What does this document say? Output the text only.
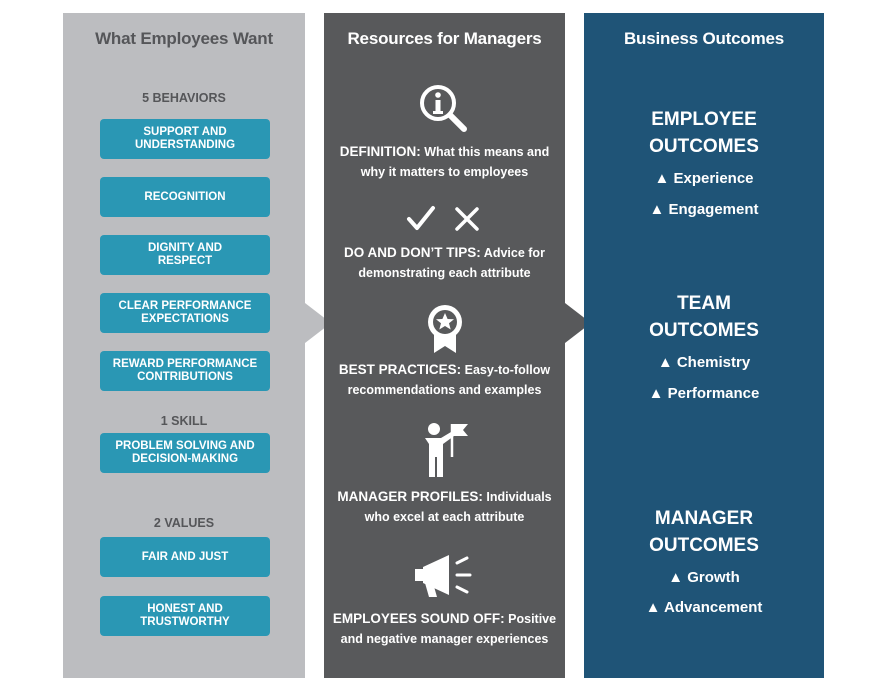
What Employees Want
5 BEHAVIORS
SUPPORT AND
UNDERSTANDING
RECOGNITION
DIGNITY AND
RESPECT
CLEAR PERFORMANCE
EXPECTATIONS
REWARD PERFORMANCE
CONTRIBUTIONS
1 SKILL
PROBLEM SOLVING AND
DECISION-MAKING
2 VALUES
FAIR AND JUST
HONEST AND
TRUSTWORTHY
Resources for Managers
DEFINITION: What this means and
why it matters to employees
DO AND DON’T TIPS: Advice for
demonstrating each attribute
BEST PRACTICES: Easy-to-follow
recommendations and examples
MANAGER PROFILES: Individuals
who excel at each attribute
EMPLOYEES SOUND OFF: Positive
and negative manager experiences
Business Outcomes
EMPLOYEE
OUTCOMES
▲ Experience
▲ Engagement
TEAM
OUTCOMES
▲ Chemistry
▲ Performance
MANAGER
OUTCOMES
▲ Growth
▲ Advancement
